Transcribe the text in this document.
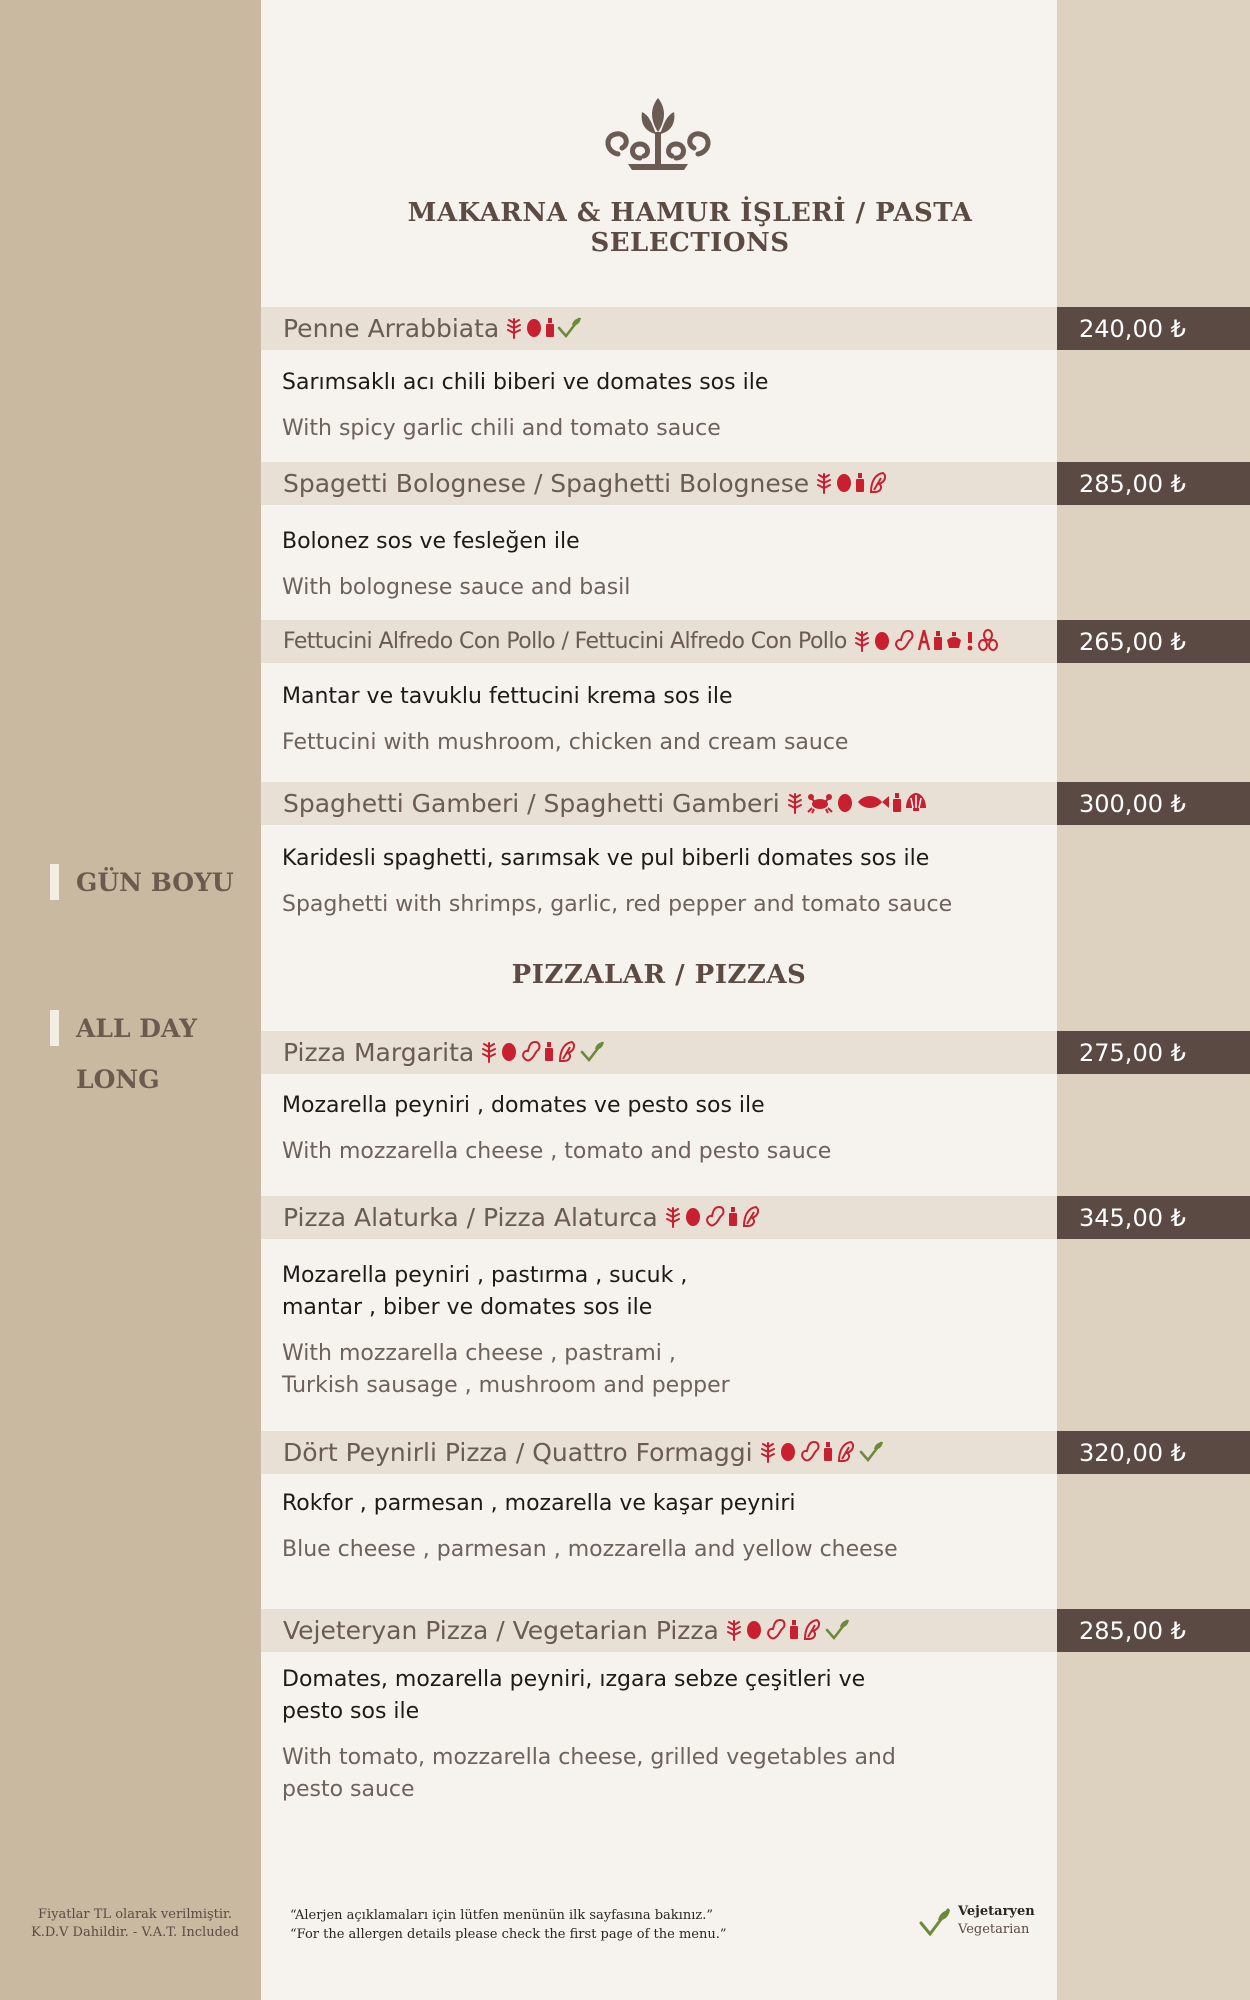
MAKARNA & HAMUR İŞLERİ / PASTA SELECTIONS
GÜN BOYU
ALL DAY
LONG
Penne Arrabbiata	240,00 ₺
Sarımsaklı acı chili biberi ve domates sos ile
With spicy garlic chili and tomato sauce
Spagetti Bolognese / Spaghetti Bolognese	285,00 ₺
Bolonez sos ve fesleğen ile
With bolognese sauce and basil
Fettucini Alfredo Con Pollo / Fettucini Alfredo Con Pollo	265,00 ₺
Mantar ve tavuklu fettucini krema sos ile
Fettucini with mushroom, chicken and cream sauce
Spaghetti Gamberi / Spaghetti Gamberi	300,00 ₺
Karidesli spaghetti, sarımsak ve pul biberli domates sos ile
Spaghetti with shrimps, garlic, red pepper and tomato sauce
PIZZALAR / PIZZAS
Pizza Margarita	275,00 ₺
Mozarella peyniri , domates ve pesto sos ile
With mozzarella cheese , tomato and pesto sauce
Pizza Alaturka / Pizza Alaturca	345,00 ₺
Mozarella peyniri , pastırma , sucuk ,
mantar , biber ve domates sos ile
With mozzarella cheese , pastrami ,
Turkish sausage , mushroom and pepper
Dört Peynirli Pizza / Quattro Formaggi	320,00 ₺
Rokfor , parmesan , mozarella ve kaşar peyniri
Blue cheese , parmesan , mozzarella and yellow cheese
Vejeteryan Pizza / Vegetarian Pizza	285,00 ₺
Domates, mozarella peyniri, ızgara sebze çeşitleri ve
pesto sos ile
With tomato, mozzarella cheese, grilled vegetables and
pesto sauce
Fiyatlar TL olarak verilmiştir.
K.D.V Dahildir. - V.A.T. Included
“Alerjen açıklamaları için lütfen menünün ilk sayfasına bakınız.”
“For the allergen details please check the first page of the menu.”
Vejetaryen
Vegetarian
